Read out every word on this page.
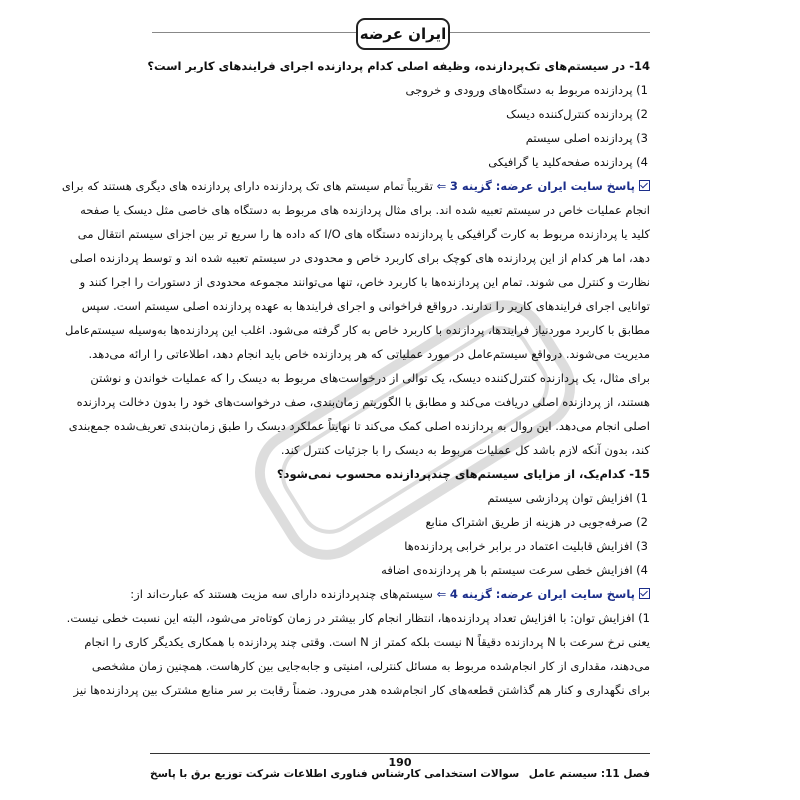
ایران عرضه
14- در سیستم‌های تک‌پردازنده، وظیفه اصلی کدام پردازنده اجرای فرایندهای کاربر است؟
1) پردازنده مربوط به دستگاه‌های ورودی و خروجی
2) پردازنده کنترل‌کننده دیسک
3) پردازنده اصلی سیستم
4) پردازنده صفحه‌کلید یا گرافیکی
پاسخ سایت ایران عرضه: گزینه 3 ⇐ تقریباً تمام سیستم های تک پردازنده دارای پردازنده های دیگری هستند که برای
انجام عملیات خاص در سیستم تعبیه شده اند. برای مثال پردازنده های مربوط به دستگاه های خاصی مثل دیسک یا صفحه
کلید یا پردازنده مربوط به کارت گرافیکی یا پردازنده دستگاه های I/O که داده ها را سریع تر بین اجزای سیستم انتقال می
دهد، اما هر کدام از این پردازنده های کوچک برای کاربرد خاص و محدودی در سیستم تعبیه شده اند و توسط پردازنده اصلی
نظارت و کنترل می شوند. تمام این پردازنده‌ها با کاربرد خاص، تنها می‌توانند مجموعه محدودی از دستورات را اجرا کنند و
توانایی اجرای فرایندهای کاربر را ندارند. درواقع فراخوانی و اجرای فرایندها به عهده پردازنده اصلی سیستم است. سپس
مطابق با کاربرد موردنیاز فرایندها، پردازنده با کاربرد خاص به کار گرفته می‌شود. اغلب این پردازنده‌ها به‌وسیله سیستم‌عامل
مدیریت می‌شوند. درواقع سیستم‌عامل در مورد عملیاتی که هر پردازنده خاص باید انجام دهد، اطلاعاتی را ارائه می‌دهد.
برای مثال، یک پردازنده کنترل‌کننده دیسک، یک توالی از درخواست‌های مربوط به دیسک را که عملیات خواندن و نوشتن
هستند، از پردازنده اصلی دریافت می‌کند و مطابق با الگوریتم زمان‌بندی، صف درخواست‌های خود را بدون دخالت پردازنده
اصلی انجام می‌دهد. این روال به پردازنده اصلی کمک می‌کند تا نهایتاً عملکرد دیسک را طبق زمان‌بندی تعریف‌شده جمع‌بندی
کند، بدون آنکه لازم باشد کل عملیات مربوط به دیسک را با جزئیات کنترل کند.
15- کدام‌یک، از مزایای سیستم‌های چندپردازنده محسوب نمی‌شود؟
1) افزایش توان پردازشی سیستم
2) صرفه‌جویی در هزینه از طریق اشتراک منابع
3) افزایش قابلیت اعتماد در برابر خرابی پردازنده‌ها
4) افزایش خطی سرعت سیستم با هر پردازنده‌ی اضافه
پاسخ سایت ایران عرضه: گزینه 4 ⇐ سیستم‌های چندپردازنده دارای سه مزیت هستند که عبارت‌اند از:
1) افزایش توان: با افزایش تعداد پردازنده‌ها، انتظار انجام کار بیشتر در زمان کوتاه‌تر می‌شود، البته این نسبت خطی نیست.
یعنی نرخ سرعت با N پردازنده دقیقاً N نیست بلکه کمتر از N است. وقتی چند پردازنده با همکاری یکدیگر کاری را انجام
می‌دهند، مقداری از کار انجام‌شده مربوط به مسائل کنترلی، امنیتی و جابه‌جایی بین کارهاست. همچنین زمان مشخصی
برای نگهداری و کنار هم گذاشتن قطعه‌های کار انجام‌شده هدر می‌رود. ضمناً رقابت بر سر منابع مشترک بین پردازنده‌ها نیز
190
فصل 11: سیستم عامل
سوالات استخدامی کارشناس فناوری اطلاعات شرکت توزیع برق با پاسخ
